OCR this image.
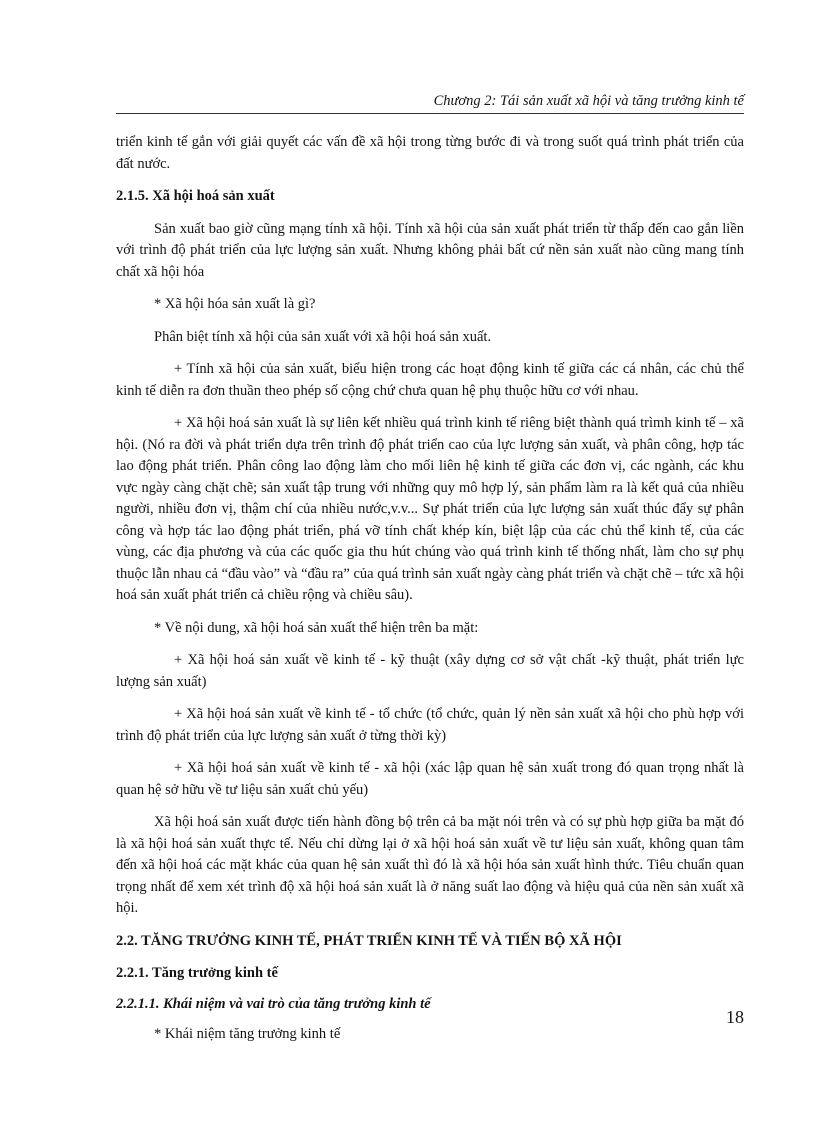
Chương 2: Tái sản xuất xã hội và tăng trưởng kinh tế

triển kinh tế gắn với giải quyết các vấn đề xã hội trong từng bước đi và trong suốt quá trình phát triển của đất nước.

2.1.5. Xã hội hoá sản xuất

Sản xuất bao giờ cũng mạng tính xã hội. Tính xã hội của sản xuất phát triển từ thấp đến cao gắn liền với trình độ phát triển của lực lượng sản xuất. Nhưng không phải bất cứ nền sản xuất nào cũng mang tính chất xã hội hóa

* Xã hội hóa sản xuất là gì?

Phân biệt tính xã hội của sản xuất với xã hội hoá sản xuất.

+ Tính xã hội của sản xuất, biểu hiện trong các hoạt động kinh tế giữa các cá nhân, các chủ thể kinh tế diễn ra đơn thuần theo phép số cộng chứ chưa quan hệ phụ thuộc hữu cơ với nhau.

+ Xã hội hoá sản xuất là sự liên kết nhiều quá trình kinh tế riêng biệt thành quá trìmh kinh tế – xã hội. (Nó ra đời và phát triển dựa trên trình độ phát triển cao của lực lượng sản xuất, và phân công, hợp tác lao động phát triển. Phân công lao động làm cho mối liên hệ kinh tế giữa các đơn vị, các ngành, các khu vực ngày càng chặt chẽ; sản xuất tập trung với những quy mô hợp lý, sản phẩm làm ra là kết quả của nhiều người, nhiều đơn vị, thậm chí của nhiều nước,v.v... Sự phát triển của lực lượng sản xuất thúc đẩy sự phân công và hợp tác lao động phát triển, phá vỡ tính chất khép kín, biệt lập của các chủ thể kinh tế, của các vùng, các địa phương và của các quốc gia thu hút chúng vào quá trình kinh tế thống nhất, làm cho sự phụ thuộc lẫn nhau cả “đầu vào” và “đầu ra” của quá trình sản xuất ngày càng phát triển và chặt chẽ – tức xã hội hoá sản xuất phát triển cả chiều rộng và chiều sâu).

* Về nội dung, xã hội hoá sản xuất thể hiện trên ba mặt:

+ Xã hội hoá sản xuất về kinh tế - kỹ thuật (xây dựng cơ sở vật chất -kỹ thuật, phát triển lực lượng sản xuất)

+ Xã hội hoá sản xuất về kinh tế - tổ chức (tổ chức, quản lý nền sản xuất xã hội cho phù hợp với trình độ phát triển của lực lượng sản xuất ở từng thời kỳ)

+ Xã hội hoá sản xuất về kinh tế - xã hội (xác lập quan hệ sản xuất trong đó quan trọng nhất là quan hệ sở hữu về tư liệu sản xuất chủ yếu)

Xã hội hoá sản xuất được tiến hành đồng bộ trên cả ba mặt nói trên và có sự phù hợp giữa ba mặt đó là xã hội hoá sản xuất thực tế. Nếu chỉ dừng lại ở xã hội hoá sản xuất về tư liệu sản xuất, không quan tâm đến xã hội hoá các mặt khác của quan hệ sản xuất thì đó là xã hội hóa sản xuất hình thức. Tiêu chuẩn quan trọng nhất để xem xét trình độ xã hội hoá sản xuất là ở năng suất lao động và hiệu quả của nền sản xuất xã hội.

2.2. TĂNG TRƯỞNG KINH TẾ, PHÁT TRIỂN KINH TẾ VÀ TIẾN BỘ XÃ HỘI

2.2.1. Tăng trưởng kinh tế

2.2.1.1. Khái niệm và vai trò của tăng trưởng kinh tế

* Khái niệm tăng trưởng kinh tế

18
